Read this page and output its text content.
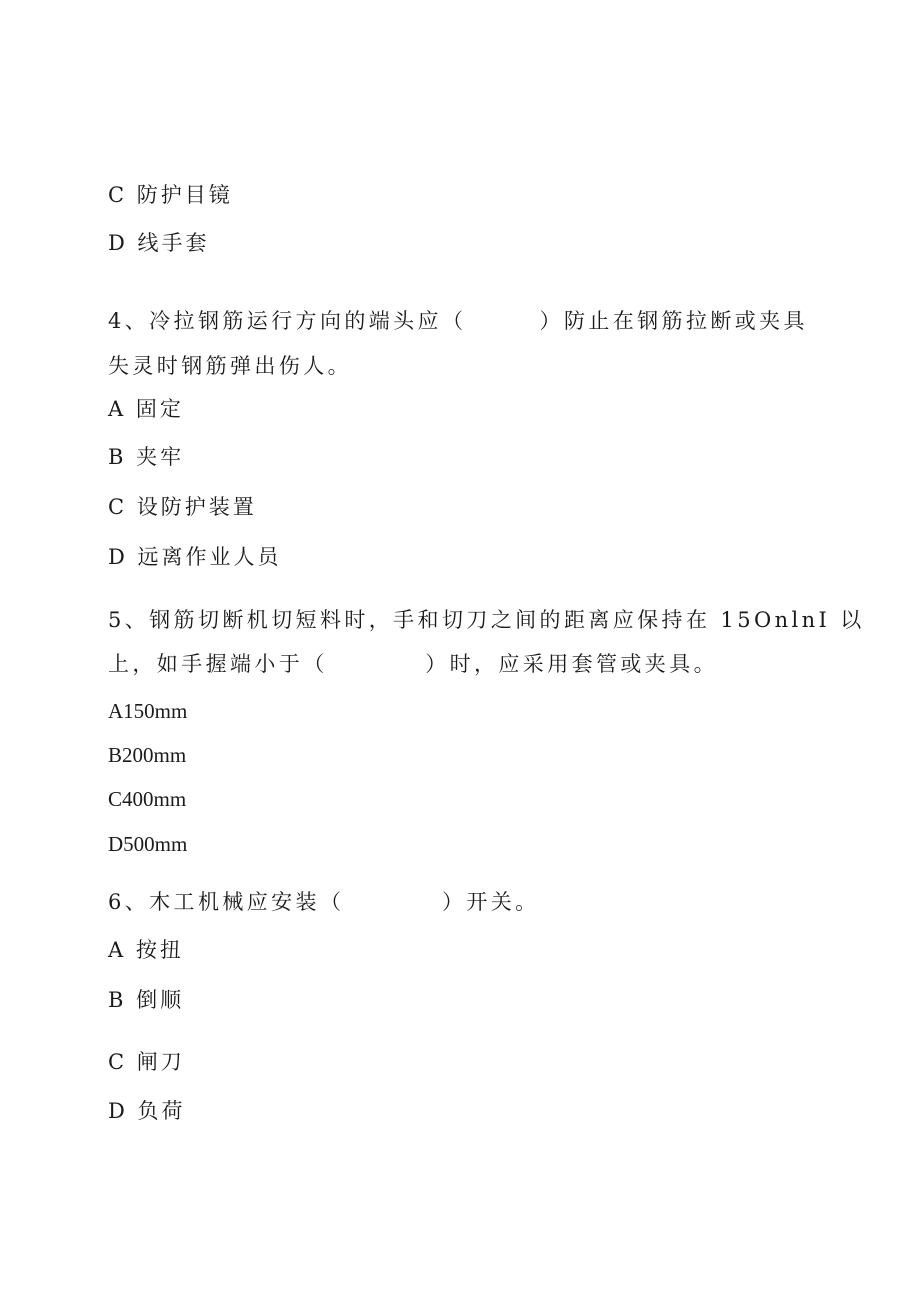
C 防护目镜
D 线手套
4、冷拉钢筋运行方向的端头应（　　　）防止在钢筋拉断或夹具
失灵时钢筋弹出伤人。
A 固定
B 夹牢
C 设防护装置
D 远离作业人员
5、钢筋切断机切短料时，手和切刀之间的距离应保持在 15OnlnI 以
上，如手握端小于（　　　　）时，应采用套管或夹具。
A150mm
B200mm
C400mm
D500mm
6、木工机械应安装（　　　　）开关。
A 按扭
B 倒顺
C 闸刀
D 负荷
